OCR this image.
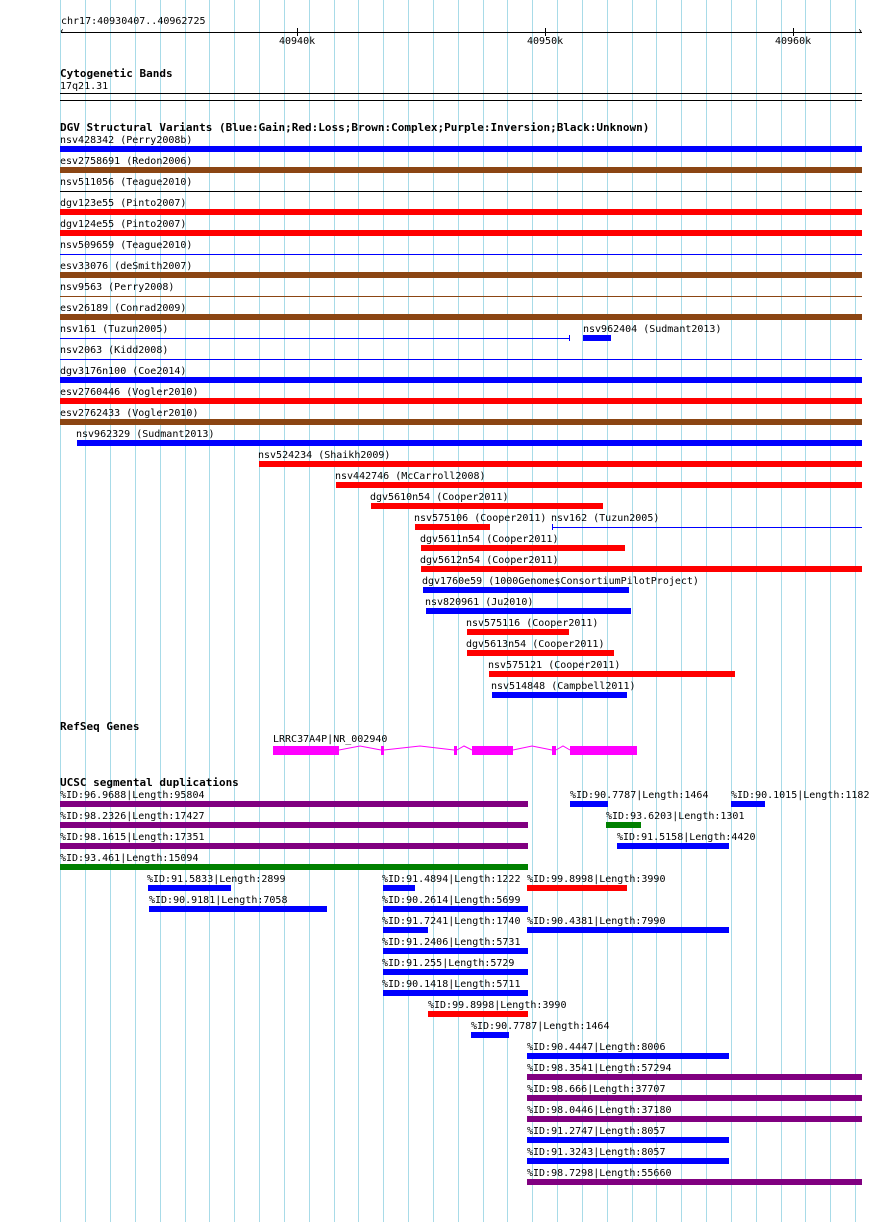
chr17:40930407..40962725
‹	›
40940k	40950k	40960k
Cytogenetic Bands
17q21.31
DGV Structural Variants (Blue:Gain;Red:Loss;Brown:Complex;Purple:Inversion;Black:Unknown)
nsv428342 (Perry2008b)
esv2758691 (Redon2006)
nsv511056 (Teague2010)
dgv123e55 (Pinto2007)
dgv124e55 (Pinto2007)
nsv509659 (Teague2010)
esv33076 (deSmith2007)
nsv9563 (Perry2008)
esv26189 (Conrad2009)
nsv161 (Tuzun2005)	nsv962404 (Sudmant2013)
nsv2063 (Kidd2008)
dgv3176n100 (Coe2014)
esv2760446 (Vogler2010)
esv2762433 (Vogler2010)
nsv962329 (Sudmant2013)
nsv524234 (Shaikh2009)
nsv442746 (McCarroll2008)
dgv5610n54 (Cooper2011)
nsv575106 (Cooper2011) nsv162 (Tuzun2005)
dgv5611n54 (Cooper2011)
dgv5612n54 (Cooper2011)
dgv1760e59 (1000GenomesConsortiumPilotProject)
nsv820961 (Ju2010)
nsv575116 (Cooper2011)
dgv5613n54 (Cooper2011)
nsv575121 (Cooper2011)
nsv514848 (Campbell2011)
RefSeq Genes
LRRC37A4P|NR_002940
UCSC segmental duplications
%ID:96.9688|Length:95804	%ID:90.7787|Length:1464 %ID:90.1015|Length:1182
%ID:98.2326|Length:17427	%ID:93.6203|Length:1301
%ID:98.1615|Length:17351	%ID:91.5158|Length:4420
%ID:93.461|Length:15094
%ID:91.5833|Length:2899	%ID:91.4894|Length:1222 %ID:99.8998|Length:3990
%ID:90.9181|Length:7058	%ID:90.2614|Length:5699
%ID:91.7241|Length:1740 %ID:90.4381|Length:7990
%ID:91.2406|Length:5731
%ID:91.255|Length:5729
%ID:90.1418|Length:5711
%ID:99.8998|Length:3990
%ID:90.7787|Length:1464
%ID:90.4447|Length:8006
%ID:98.3541|Length:57294
%ID:98.666|Length:37707
%ID:98.0446|Length:37180
%ID:91.2747|Length:8057
%ID:91.3243|Length:8057
%ID:98.7298|Length:55660
